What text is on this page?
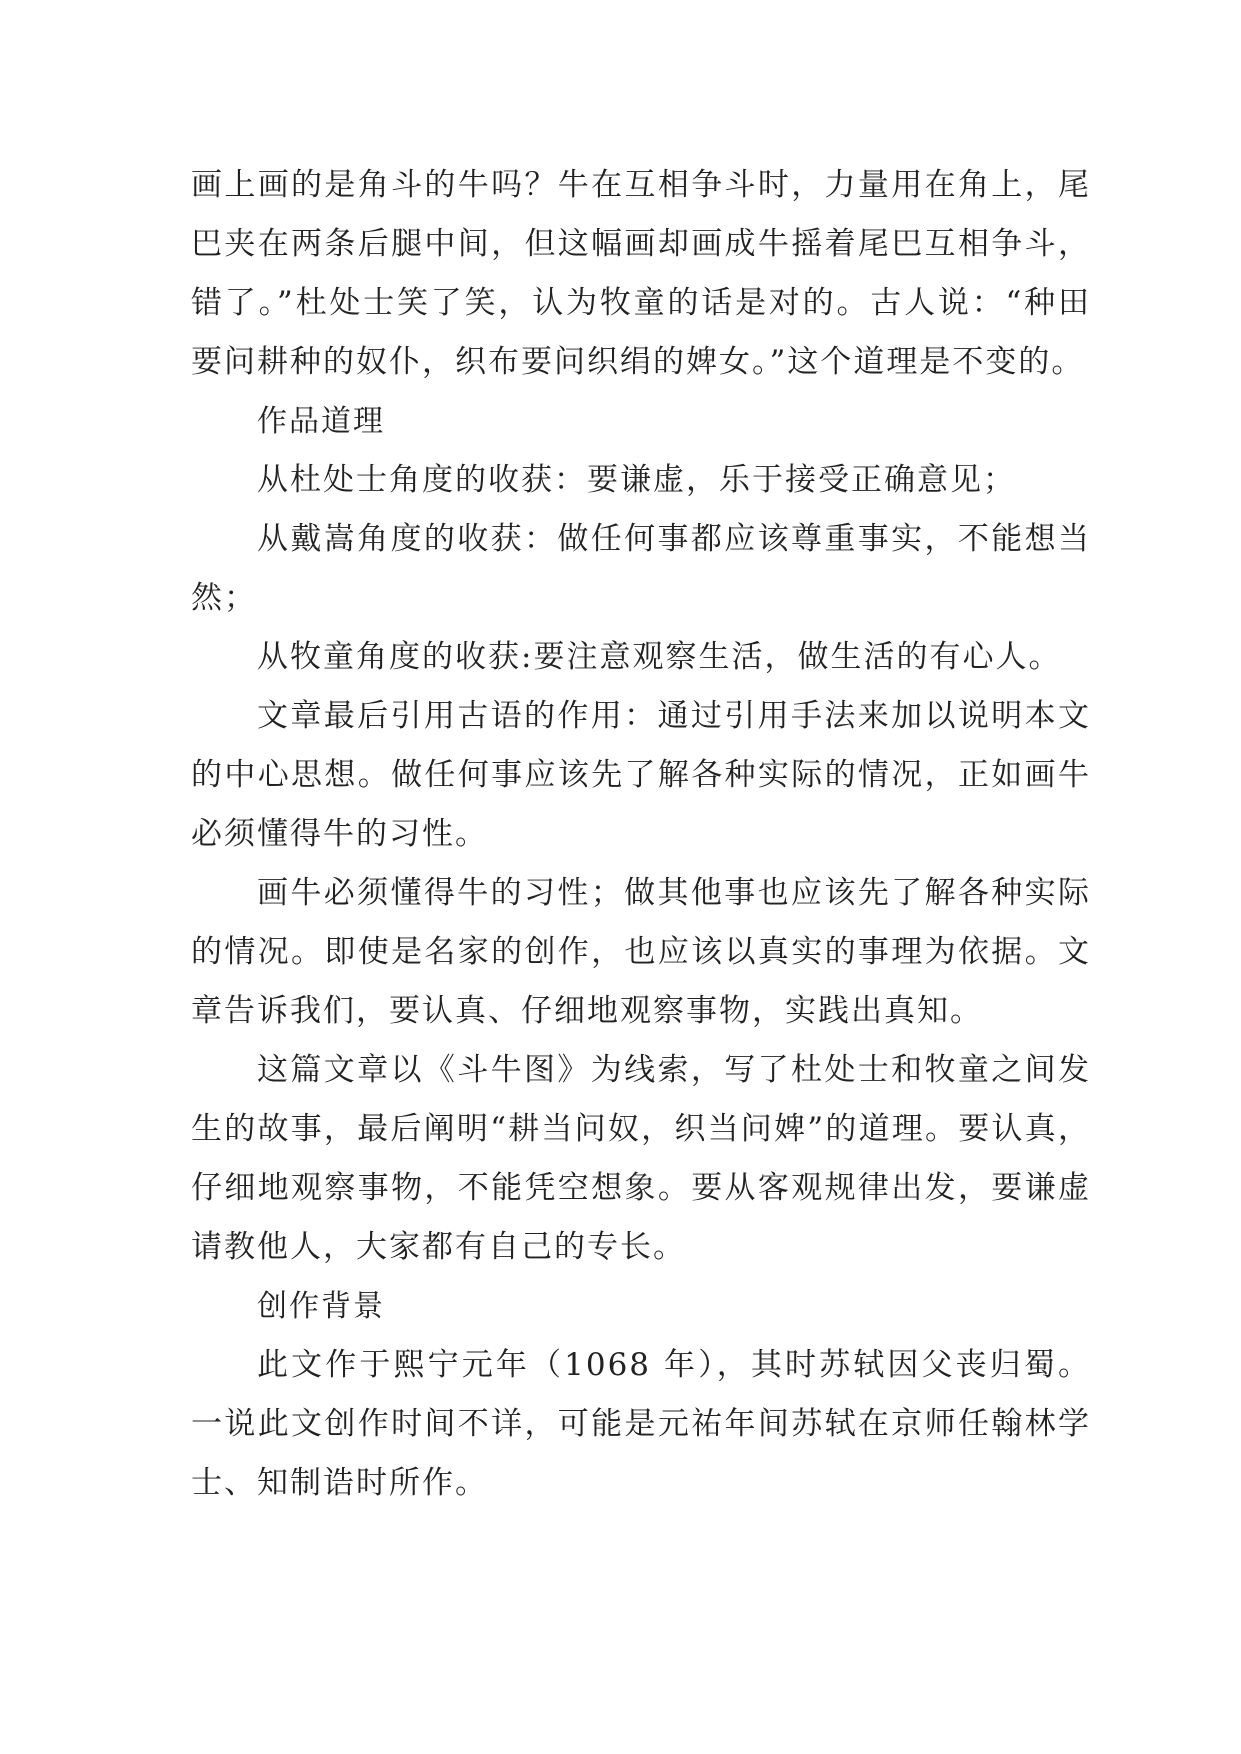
画上画的是角斗的牛吗？牛在互相争斗时，力量用在角上，尾巴夹在两条后腿中间，但这幅画却画成牛摇着尾巴互相争斗，错了。”杜处士笑了笑，认为牧童的话是对的。古人说：“种田要问耕种的奴仆，织布要问织绢的婢女。”这个道理是不变的。

作品道理

从杜处士角度的收获：要谦虚，乐于接受正确意见；

从戴嵩角度的收获：做任何事都应该尊重事实，不能想当然；

从牧童角度的收获:要注意观察生活，做生活的有心人。

文章最后引用古语的作用：通过引用手法来加以说明本文的中心思想。做任何事应该先了解各种实际的情况，正如画牛必须懂得牛的习性。

画牛必须懂得牛的习性；做其他事也应该先了解各种实际的情况。即使是名家的创作，也应该以真实的事理为依据。文章告诉我们，要认真、仔细地观察事物，实践出真知。

这篇文章以《斗牛图》为线索，写了杜处士和牧童之间发生的故事，最后阐明“耕当问奴，织当问婢”的道理。要认真，仔细地观察事物，不能凭空想象。要从客观规律出发，要谦虚请教他人，大家都有自己的专长。

创作背景

此文作于熙宁元年（1068 年），其时苏轼因父丧归蜀。一说此文创作时间不详，可能是元祐年间苏轼在京师任翰林学士、知制诰时所作。
